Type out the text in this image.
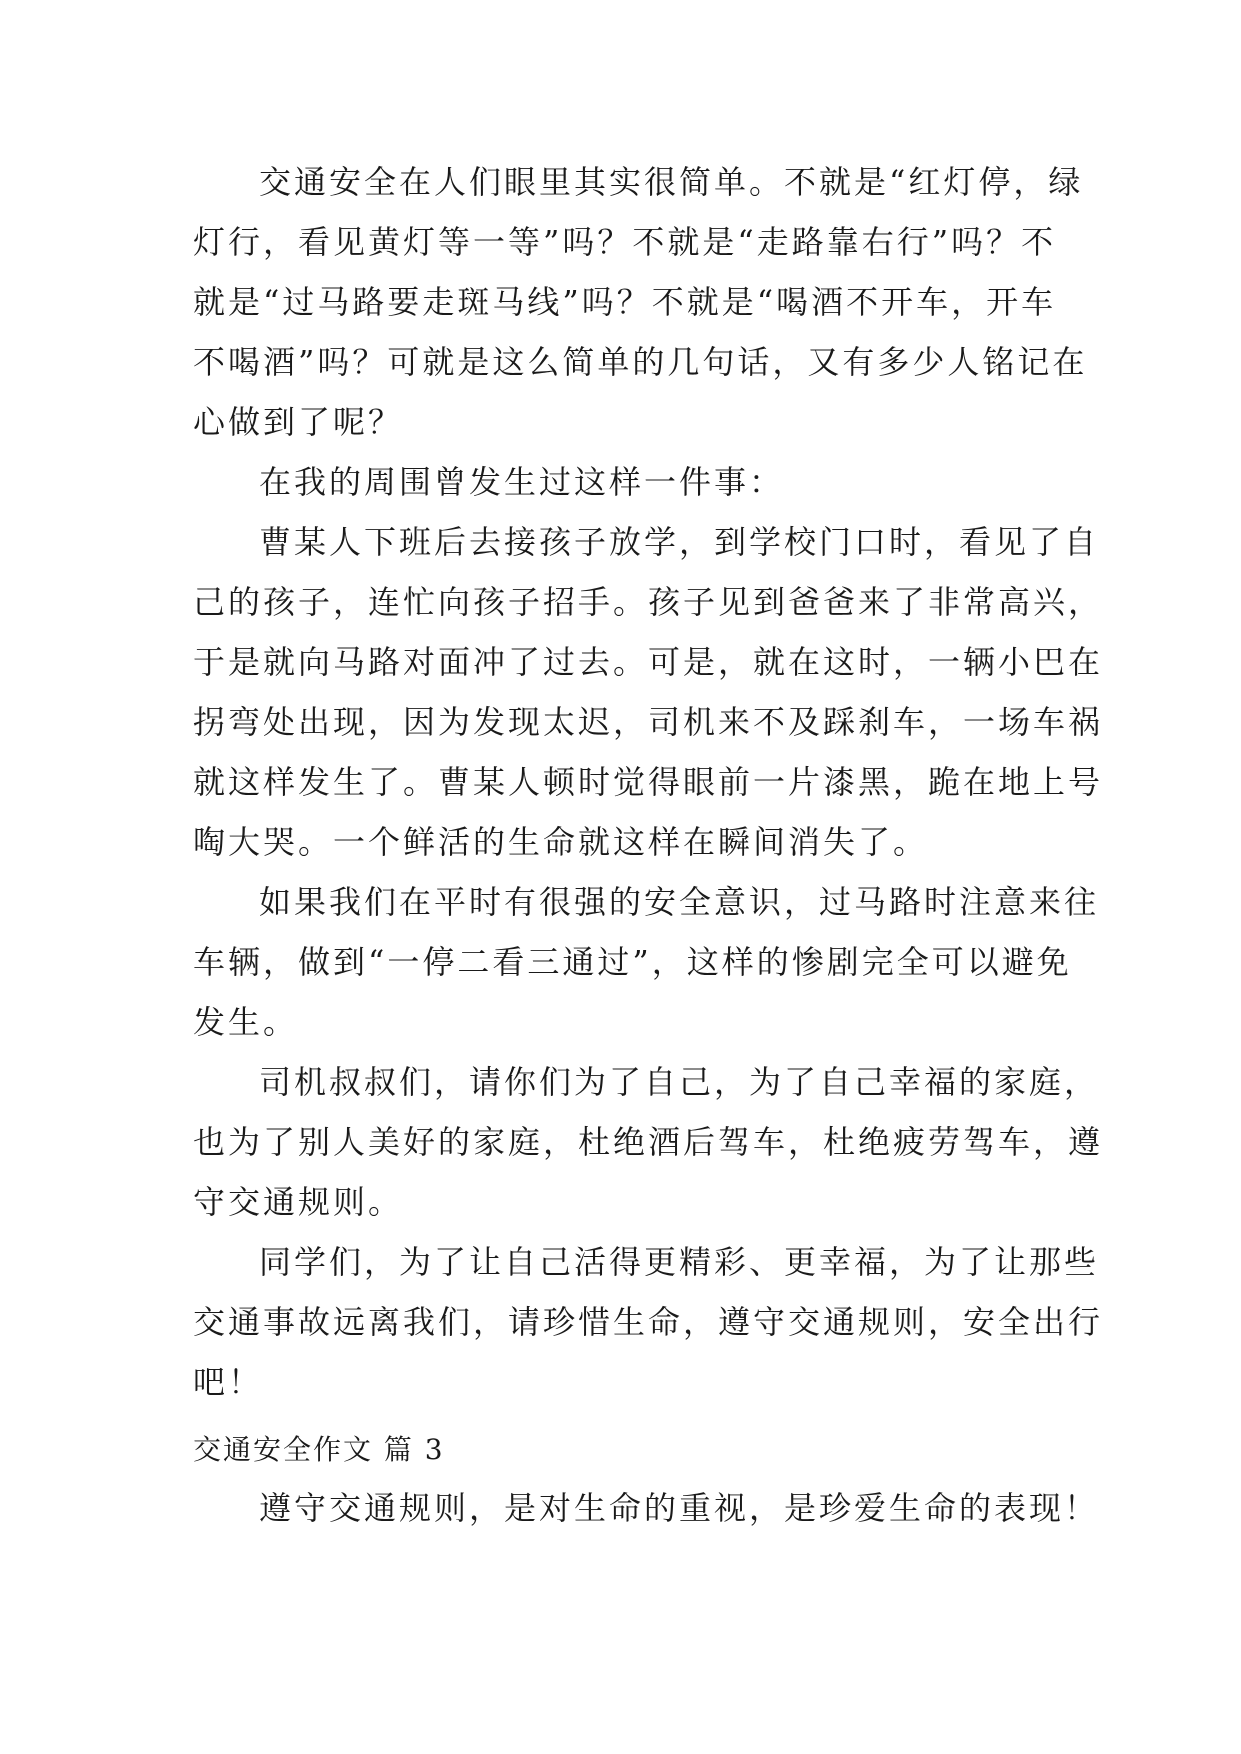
交通安全在人们眼里其实很简单。不就是“红灯停，绿
灯行，看见黄灯等一等”吗？不就是“走路靠右行”吗？不
就是“过马路要走斑马线”吗？不就是“喝酒不开车，开车
不喝酒”吗？可就是这么简单的几句话，又有多少人铭记在
心做到了呢？
在我的周围曾发生过这样一件事：
曹某人下班后去接孩子放学，到学校门口时，看见了自
己的孩子，连忙向孩子招手。孩子见到爸爸来了非常高兴，
于是就向马路对面冲了过去。可是，就在这时，一辆小巴在
拐弯处出现，因为发现太迟，司机来不及踩刹车，一场车祸
就这样发生了。曹某人顿时觉得眼前一片漆黑，跪在地上号
啕大哭。一个鲜活的生命就这样在瞬间消失了。
如果我们在平时有很强的安全意识，过马路时注意来往
车辆，做到“一停二看三通过”，这样的惨剧完全可以避免
发生。
司机叔叔们，请你们为了自己，为了自己幸福的家庭，
也为了别人美好的家庭，杜绝酒后驾车，杜绝疲劳驾车，遵
守交通规则。
同学们，为了让自己活得更精彩、更幸福，为了让那些
交通事故远离我们，请珍惜生命，遵守交通规则，安全出行
吧！
交通安全作文 篇 3
遵守交通规则，是对生命的重视，是珍爱生命的表现！
